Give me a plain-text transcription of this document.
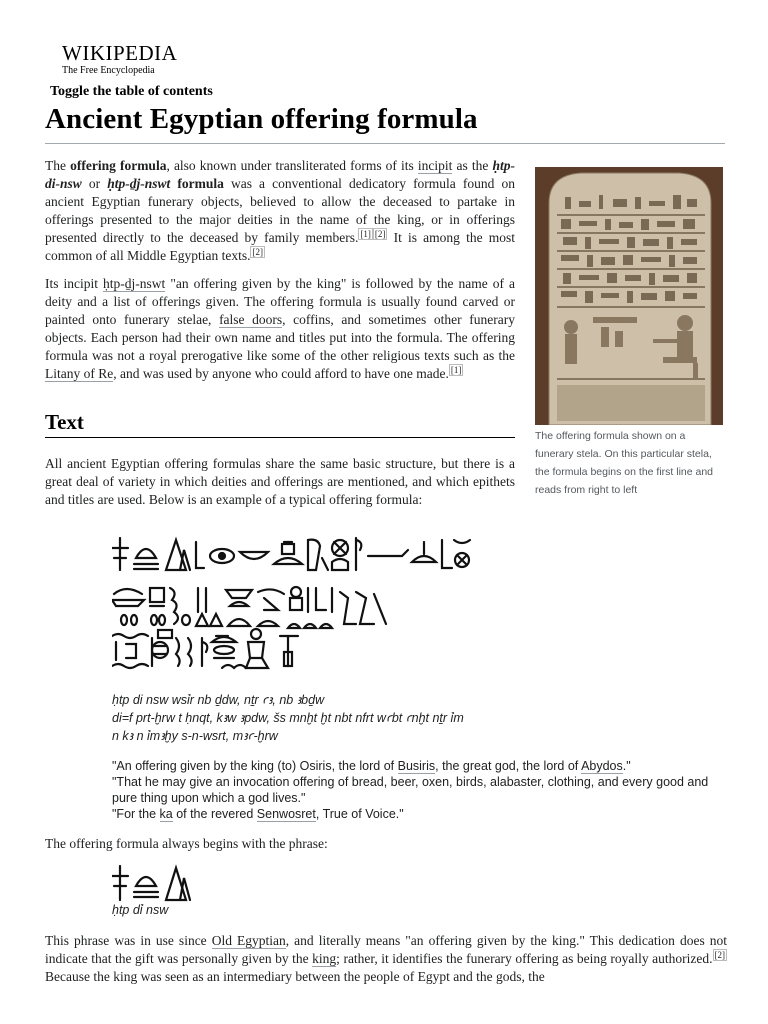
WIKIPEDIA
The Free Encyclopedia
Toggle the table of contents
Ancient Egyptian offering formula

The offering formula, also known under transliterated forms of its incipit as the ḥtp-di-nsw or ḥtp-ḏj-nswt formula was a conventional dedicatory formula found on ancient Egyptian funerary objects, believed to allow the deceased to partake in offerings presented to the major deities in the name of the king, or in offerings presented directly to the deceased by family members. [1] [2] It is among the most common of all Middle Egyptian texts. [2]

Its incipit ḥtp-ḏj-nswt "an offering given by the king" is followed by the name of a deity and a list of offerings given. The offering formula is usually found carved or painted onto funerary stelae, false doors, coffins, and sometimes other funerary objects. Each person had their own name and titles put into the formula. The offering formula was not a royal prerogative like some of the other religious texts such as the Litany of Re, and was used by anyone who could afford to have one made. [1]

The offering formula shown on a funerary stela. On this particular stela, the formula begins on the first line and reads from right to left
Text
All ancient Egyptian offering formulas share the same basic structure, but there is a great deal of variety in which deities and offerings are mentioned, and which epithets and titles are used. Below is an example of a typical offering formula:
ḥtp di nsw wsỉr nb ḏdw, nṯr ꜥꜣ, nb ꜣbḏw
di=f prt-ḫrw t ḥnqt, kꜣw ꜣpdw, šs mnḫt ḫt nbt nfrt wꜥbt ꜥnḫt nṯr ỉm
n kꜣ n ỉmꜣḫy s-n-wsrt, mꜣꜥ-ḫrw
"An offering given by the king (to) Osiris, the lord of Busiris, the great god, the lord of Abydos."
"That he may give an invocation offering of bread, beer, oxen, birds, alabaster, clothing, and every good and pure thing upon which a god lives."
"For the ka of the revered Senwosret, True of Voice."
The offering formula always begins with the phrase:
ḥtp dỉ nsw
This phrase was in use since Old Egyptian, and literally means "an offering given by the king." This dedication does not indicate that the gift was personally given by the king; rather, it identifies the funerary offering as being royally authorized. [2] Because the king was seen as an intermediary between the people of Egypt and the gods, the
